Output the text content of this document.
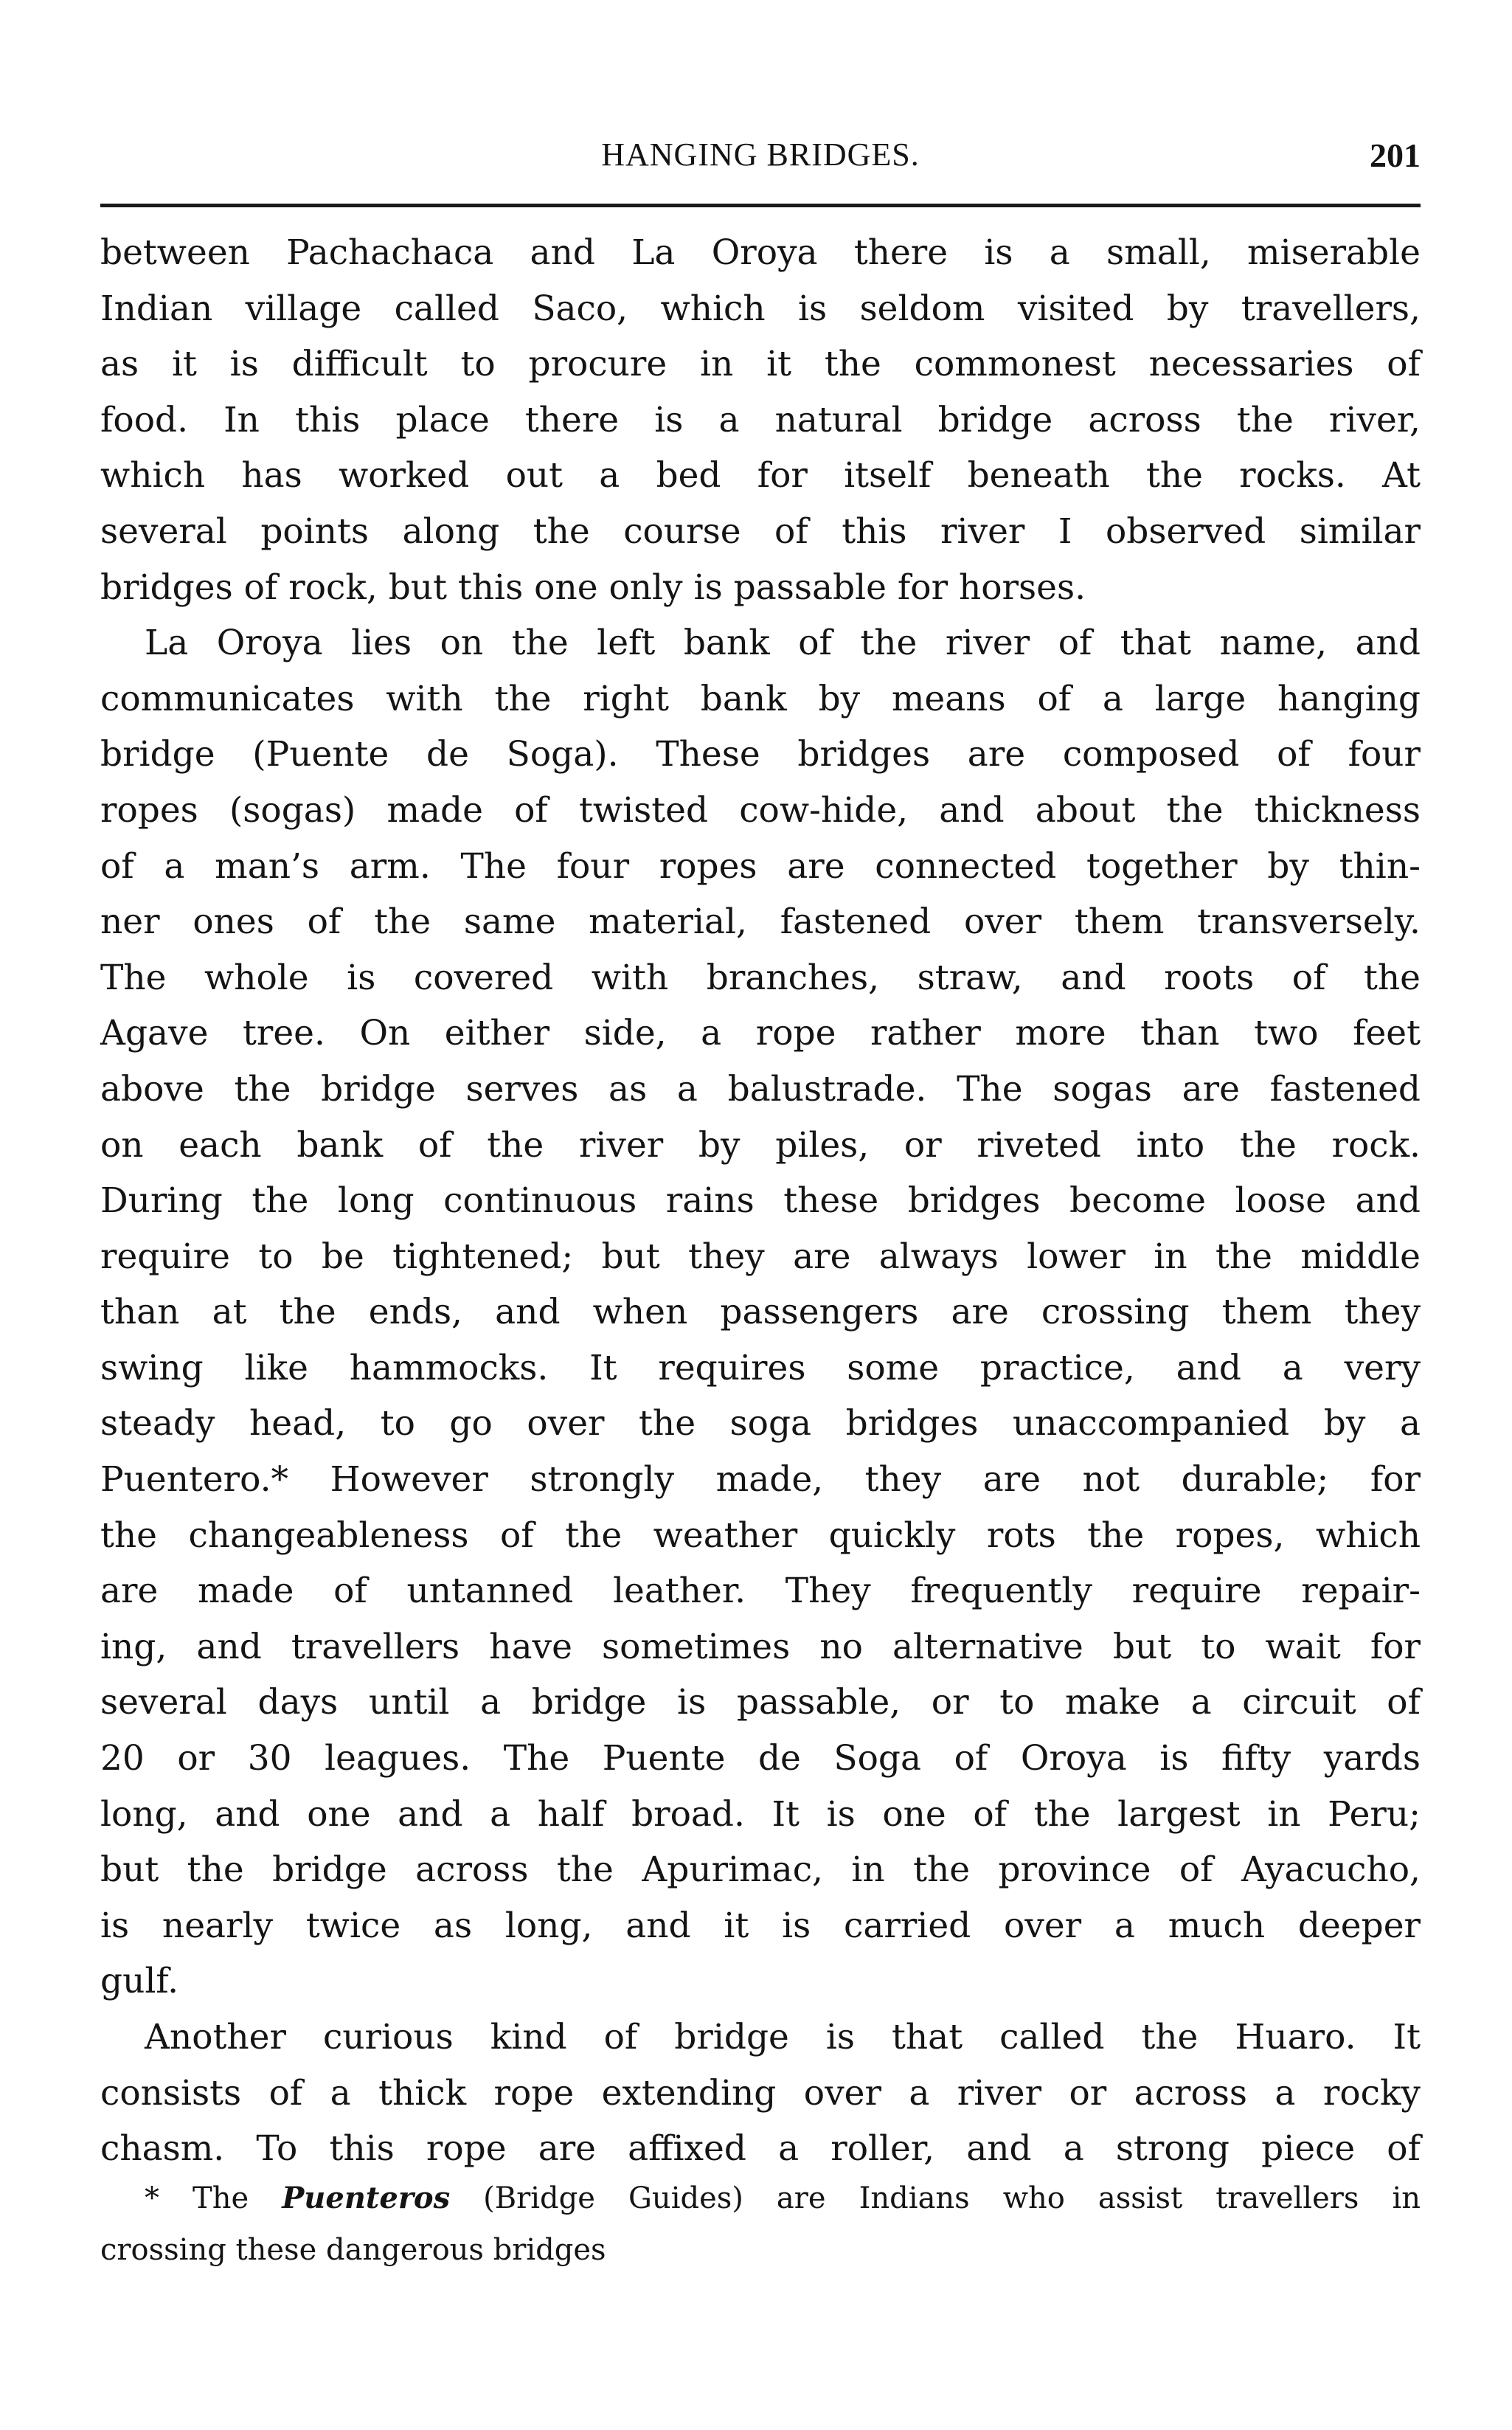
HANGING BRIDGES.	201
between Pachachaca and La Oroya there is a small, miserable
Indian village called Saco, which is seldom visited by travellers,
as it is difficult to procure in it the commonest necessaries of
food. In this place there is a natural bridge across the river,
which has worked out a bed for itself beneath the rocks. At
several points along the course of this river I observed similar
bridges of rock, but this one only is passable for horses.
La Oroya lies on the left bank of the river of that name, and
communicates with the right bank by means of a large hanging
bridge (Puente de Soga). These bridges are composed of four
ropes (sogas) made of twisted cow-hide, and about the thickness
of a man’s arm. The four ropes are connected together by thin-
ner ones of the same material, fastened over them transversely.
The whole is covered with branches, straw, and roots of the
Agave tree. On either side, a rope rather more than two feet
above the bridge serves as a balustrade. The sogas are fastened
on each bank of the river by piles, or riveted into the rock.
During the long continuous rains these bridges become loose and
require to be tightened; but they are always lower in the middle
than at the ends, and when passengers are crossing them they
swing like hammocks. It requires some practice, and a very
steady head, to go over the soga bridges unaccompanied by a
Puentero.* However strongly made, they are not durable; for
the changeableness of the weather quickly rots the ropes, which
are made of untanned leather. They frequently require repair-
ing, and travellers have sometimes no alternative but to wait for
several days until a bridge is passable, or to make a circuit of
20 or 30 leagues. The Puente de Soga of Oroya is fifty yards
long, and one and a half broad. It is one of the largest in Peru;
but the bridge across the Apurimac, in the province of Ayacucho,
is nearly twice as long, and it is carried over a much deeper
gulf.
Another curious kind of bridge is that called the Huaro. It
consists of a thick rope extending over a river or across a rocky
chasm. To this rope are affixed a roller, and a strong piece of
* The Puenteros (Bridge Guides) are Indians who assist travellers in
crossing these dangerous bridges
